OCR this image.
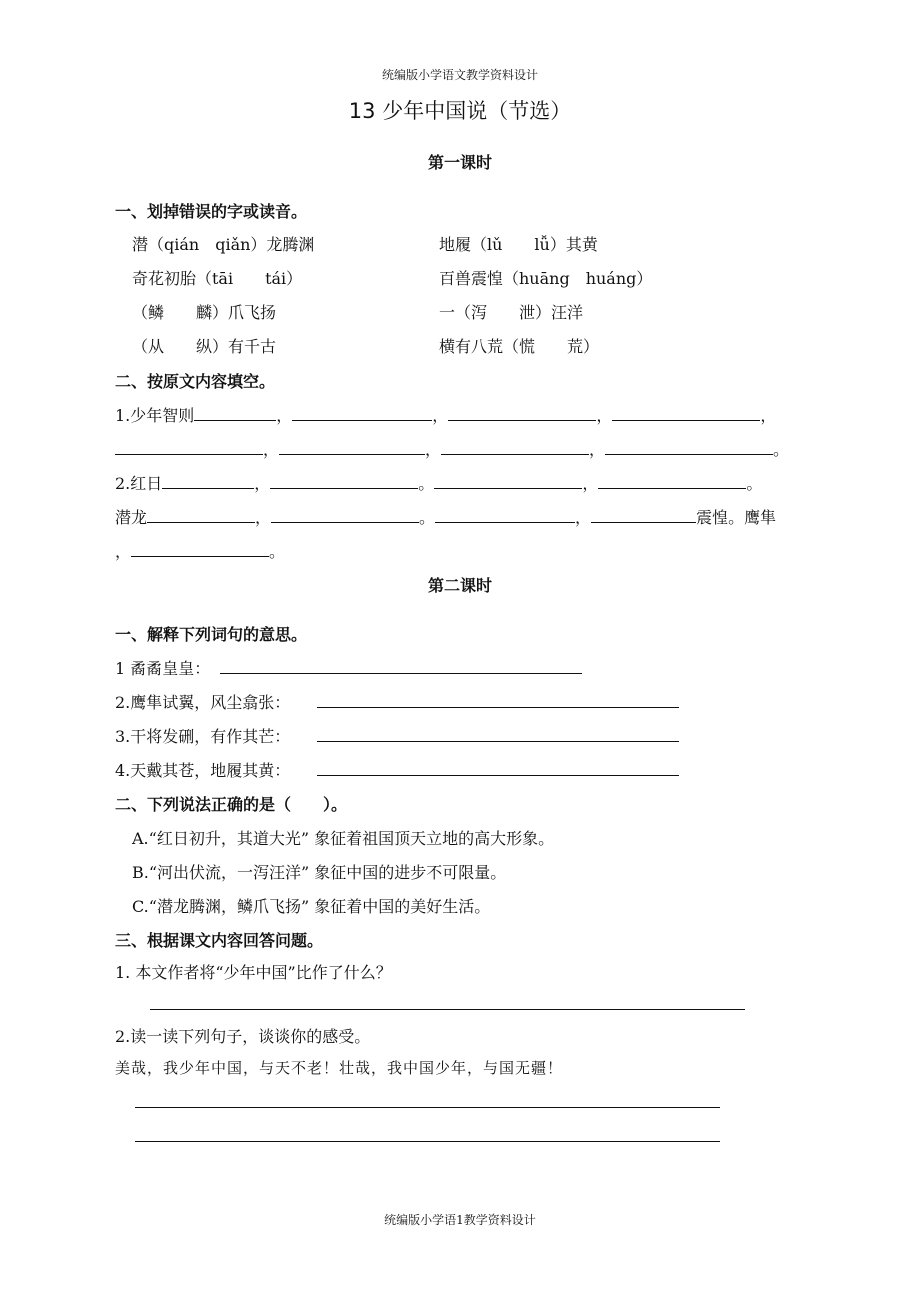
统编版小学语文教学资料设计
13 少年中国说（节选）
第一课时
一、划掉错误的字或读音。
潜（qián　qiǎn）龙腾渊	地履（lǔ　　lǚ）其黄
奇花初胎（tāi　　tái）	百兽震惶（huāng　huáng）
（鳞　　麟）爪飞扬	一（泻　　泄）汪洋
（从　　纵）有千古	横有八荒（慌　　荒）
二、按原文内容填空。
1.少年智则	，	，	，	，
，	，	，	。
2.红日	，	。	，	。
潜龙	，	。	，	震惶。鹰隼
，	。
第二课时
一、解释下列词句的意思。
1 矞矞皇皇：
2.鹰隼试翼，风尘翕张：
3.干将发硎，有作其芒：
4.天戴其苍，地履其黄：
二、下列说法正确的是（　　）。
A.“红日初升，其道大光” 象征着祖国顶天立地的高大形象。
B.“河出伏流，一泻汪洋” 象征中国的进步不可限量。
C.“潜龙腾渊，鳞爪飞扬” 象征着中国的美好生活。
三、根据课文内容回答问题。
1. 本文作者将“少年中国”比作了什么？
2.读一读下列句子，谈谈你的感受。
美哉，我少年中国，与天不老！壮哉，我中国少年，与国无疆！
统编版小学语1教学资料设计
